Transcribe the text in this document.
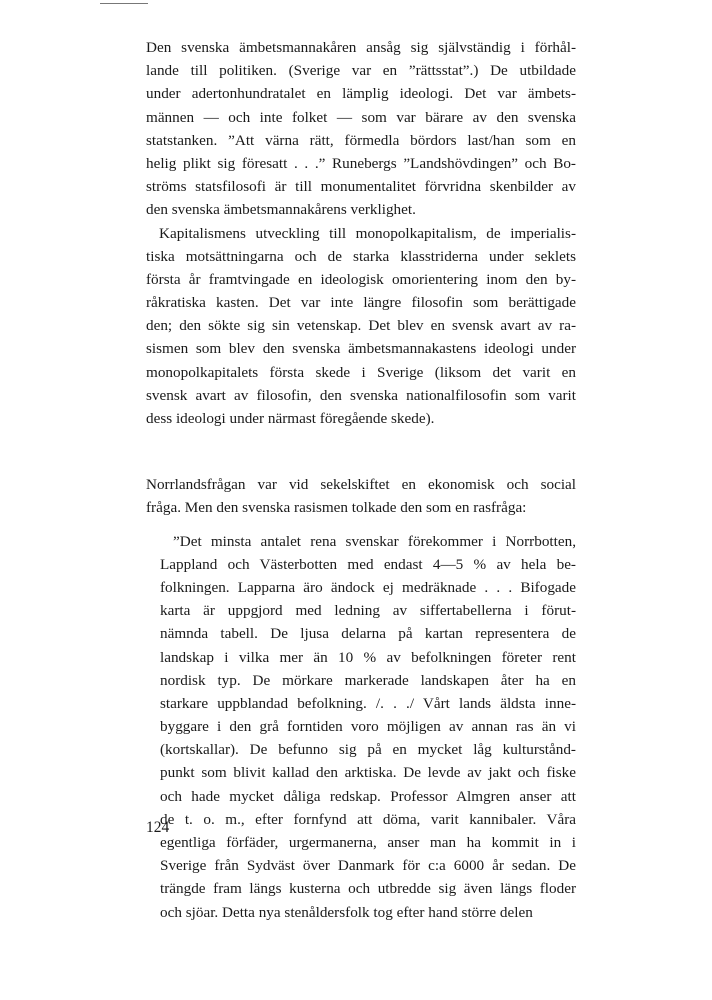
Den svenska ämbetsmannakåren ansåg sig självständig i förhål-
lande till politiken. (Sverige var en ”rättsstat”.) De utbildade
under adertonhundratalet en lämplig ideologi. Det var ämbets-
männen — och inte folket — som var bärare av den svenska
statstanken. ”Att värna rätt, förmedla bördors last/han som en
helig plikt sig föresatt . . .” Runebergs ”Landshövdingen” och Bo-
ströms statsfilosofi är till monumentalitet förvridna skenbilder av
den svenska ämbetsmannakårens verklighet.
Kapitalismens utveckling till monopolkapitalism, de imperialis-
tiska motsättningarna och de starka klasstriderna under seklets
första år framtvingade en ideologisk omorientering inom den by-
råkratiska kasten. Det var inte längre filosofin som berättigade
den; den sökte sig sin vetenskap. Det blev en svensk avart av ra-
sismen som blev den svenska ämbetsmannakastens ideologi under
monopolkapitalets första skede i Sverige (liksom det varit en
svensk avart av filosofin, den svenska nationalfilosofin som varit
dess ideologi under närmast föregående skede).
Norrlandsfrågan var vid sekelskiftet en ekonomisk och social
fråga. Men den svenska rasismen tolkade den som en rasfråga:
”Det minsta antalet rena svenskar förekommer i Norrbotten,
Lappland och Västerbotten med endast 4—5 % av hela be-
folkningen. Lapparna äro ändock ej medräknade . . . Bifogade
karta är uppgjord med ledning av siffertabellerna i förut-
nämnda tabell. De ljusa delarna på kartan representera de
landskap i vilka mer än 10 % av befolkningen företer rent
nordisk typ. De mörkare markerade landskapen åter ha en
starkare uppblandad befolkning. /. . ./ Vårt lands äldsta inne-
byggare i den grå forntiden voro möjligen av annan ras än vi
(kortskallar). De befunno sig på en mycket låg kulturstånd-
punkt som blivit kallad den arktiska. De levde av jakt och fiske
och hade mycket dåliga redskap. Professor Almgren anser att
de t. o. m., efter fornfynd att döma, varit kannibaler. Våra
egentliga förfäder, urgermanerna, anser man ha kommit in i
Sverige från Sydväst över Danmark för c:a 6000 år sedan. De
trängde fram längs kusterna och utbredde sig även längs floder
och sjöar. Detta nya stenåldersfolk tog efter hand större delen
124
